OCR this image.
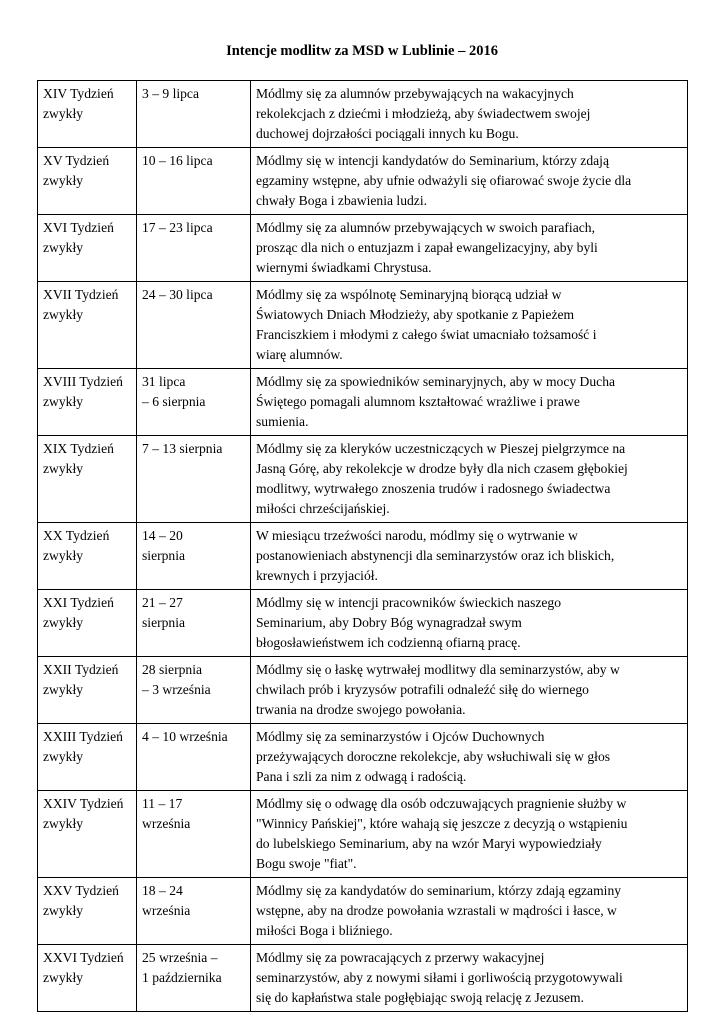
Intencje modlitw za MSD w Lublinie – 2016
XIV Tydzień
zwykły	3 – 9 lipca	Módlmy się za alumnów przebywających na wakacyjnych
rekolekcjach z dziećmi i młodzieżą, aby świadectwem swojej
duchowej dojrzałości pociągali innych ku Bogu.
XV Tydzień
zwykły	10 – 16 lipca	Módlmy się w intencji kandydatów do Seminarium, którzy zdają
egzaminy wstępne, aby ufnie odważyli się ofiarować swoje życie dla
chwały Boga i zbawienia ludzi.
XVI Tydzień
zwykły	17 – 23 lipca	Módlmy się za alumnów przebywających w swoich parafiach,
prosząc dla nich o entuzjazm i zapał ewangelizacyjny, aby byli
wiernymi świadkami Chrystusa.
XVII Tydzień
zwykły	24 – 30 lipca	Módlmy się za wspólnotę Seminaryjną biorącą udział w
Światowych Dniach Młodzieży, aby spotkanie z Papieżem
Franciszkiem i młodymi z całego świat umacniało tożsamość i
wiarę alumnów.
XVIII Tydzień
zwykły	31 lipca
– 6 sierpnia	Módlmy się za spowiedników seminaryjnych, aby w mocy Ducha
Świętego pomagali alumnom kształtować wrażliwe i prawe
sumienia.
XIX Tydzień
zwykły	7 – 13 sierpnia	Módlmy się za kleryków uczestniczących w Pieszej pielgrzymce na
Jasną Górę, aby rekolekcje w drodze były dla nich czasem głębokiej
modlitwy, wytrwałego znoszenia trudów i radosnego świadectwa
miłości chrześcijańskiej.
XX Tydzień
zwykły	14 – 20
sierpnia	W miesiącu trzeźwości narodu, módlmy się o wytrwanie w
postanowieniach abstynencji dla seminarzystów oraz ich bliskich,
krewnych i przyjaciół.
XXI Tydzień
zwykły	21 – 27
sierpnia	Módlmy się w intencji pracowników świeckich naszego
Seminarium, aby Dobry Bóg wynagradzał swym
błogosławieństwem ich codzienną ofiarną pracę.
XXII Tydzień
zwykły	28 sierpnia
– 3 września	Módlmy się o łaskę wytrwałej modlitwy dla seminarzystów, aby w
chwilach prób i kryzysów potrafili odnaleźć siłę do wiernego
trwania na drodze swojego powołania.
XXIII Tydzień
zwykły	4 – 10 września	Módlmy się za seminarzystów i Ojców Duchownych
przeżywających doroczne rekolekcje, aby wsłuchiwali się w głos
Pana i szli za nim z odwagą i radością.
XXIV Tydzień
zwykły	11 – 17
września	Módlmy się o odwagę dla osób odczuwających pragnienie służby w
"Winnicy Pańskiej", które wahają się jeszcze z decyzją o wstąpieniu
do lubelskiego Seminarium, aby na wzór Maryi wypowiedziały
Bogu swoje "fiat".
XXV Tydzień
zwykły	18 – 24
września	Módlmy się za kandydatów do seminarium, którzy zdają egzaminy
wstępne, aby na drodze powołania wzrastali w mądrości i łasce, w
miłości Boga i bliźniego.
XXVI Tydzień
zwykły	25 września –
1 października	Módlmy się za powracających z przerwy wakacyjnej
seminarzystów, aby z nowymi siłami i gorliwością przygotowywali
się do kapłaństwa stale pogłębiając swoją relację z Jezusem.
